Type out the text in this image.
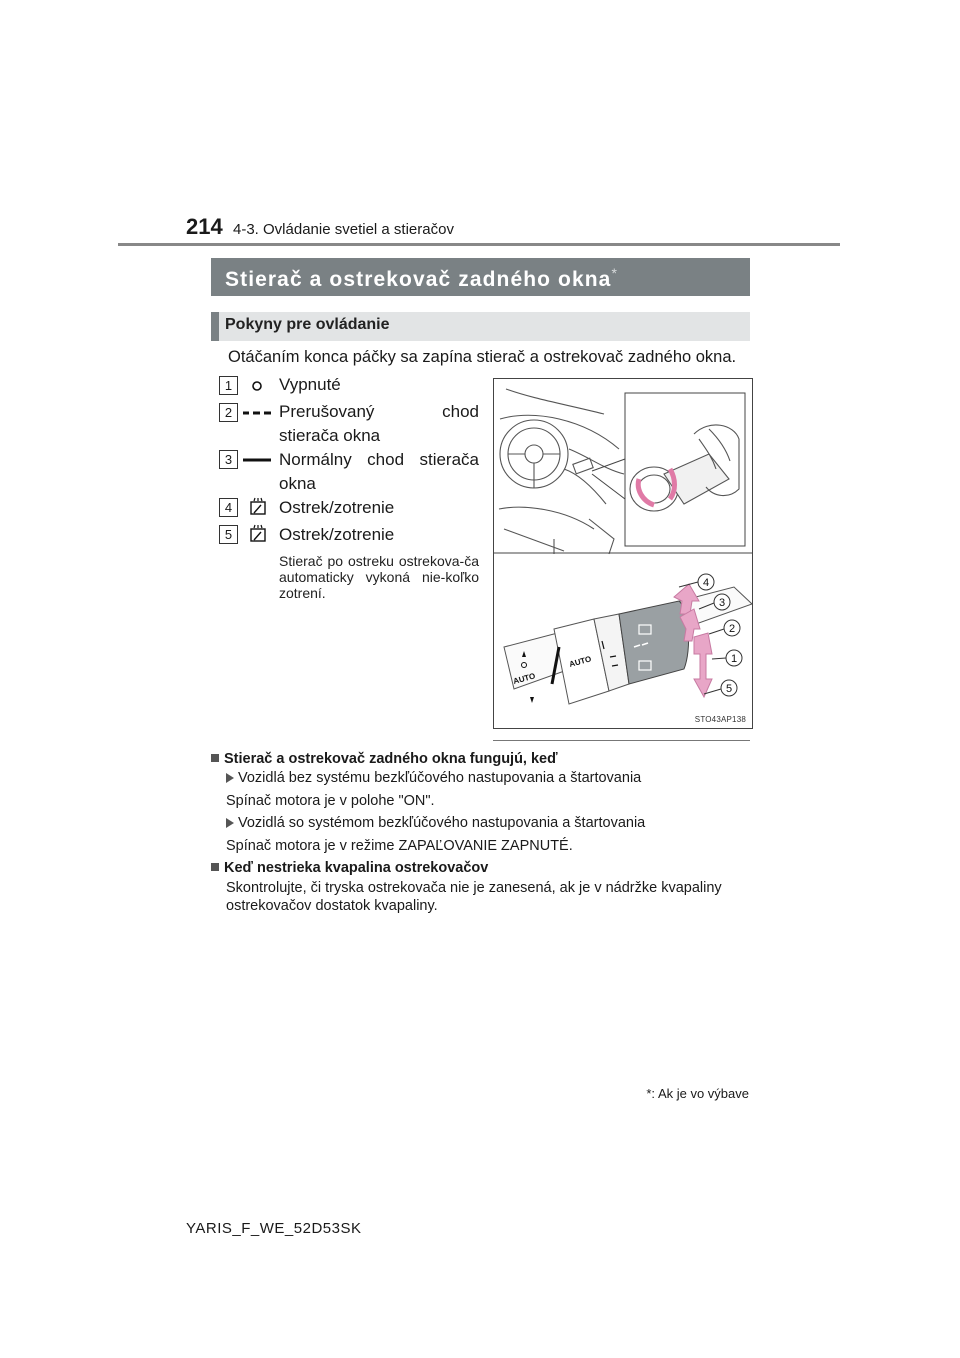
214 4-3. Ovládanie svetiel a stieračov
Stierač a ostrekovač zadného okna*
Pokyny pre ovládanie
Otáčaním konca páčky sa zapína stierač a ostrekovač zadného okna.
1	Vypnuté
2	Prerušovaný chod stierača okna
3	Normálny chod stierača okna
4	Ostrek/zotrenie
5	Ostrek/zotrenie
Stierač po ostreku ostrekova-ča automaticky vykoná nie-koľko zotrení.
AUTO
AUTO
4
3
2
1
5
STO43AP138
Stierač a ostrekovač zadného okna fungujú, keď
Vozidlá bez systému bezkľúčového nastupovania a štartovania
Spínač motora je v polohe "ON".
Vozidlá so systémom bezkľúčového nastupovania a štartovania
Spínač motora je v režime ZAPAĽOVANIE ZAPNUTÉ.
Keď nestrieka kvapalina ostrekovačov
Skontrolujte, či tryska ostrekovača nie je zanesená, ak je v nádržke kvapaliny
ostrekovačov dostatok kvapaliny.
*: Ak je vo výbave
YARIS_F_WE_52D53SK
